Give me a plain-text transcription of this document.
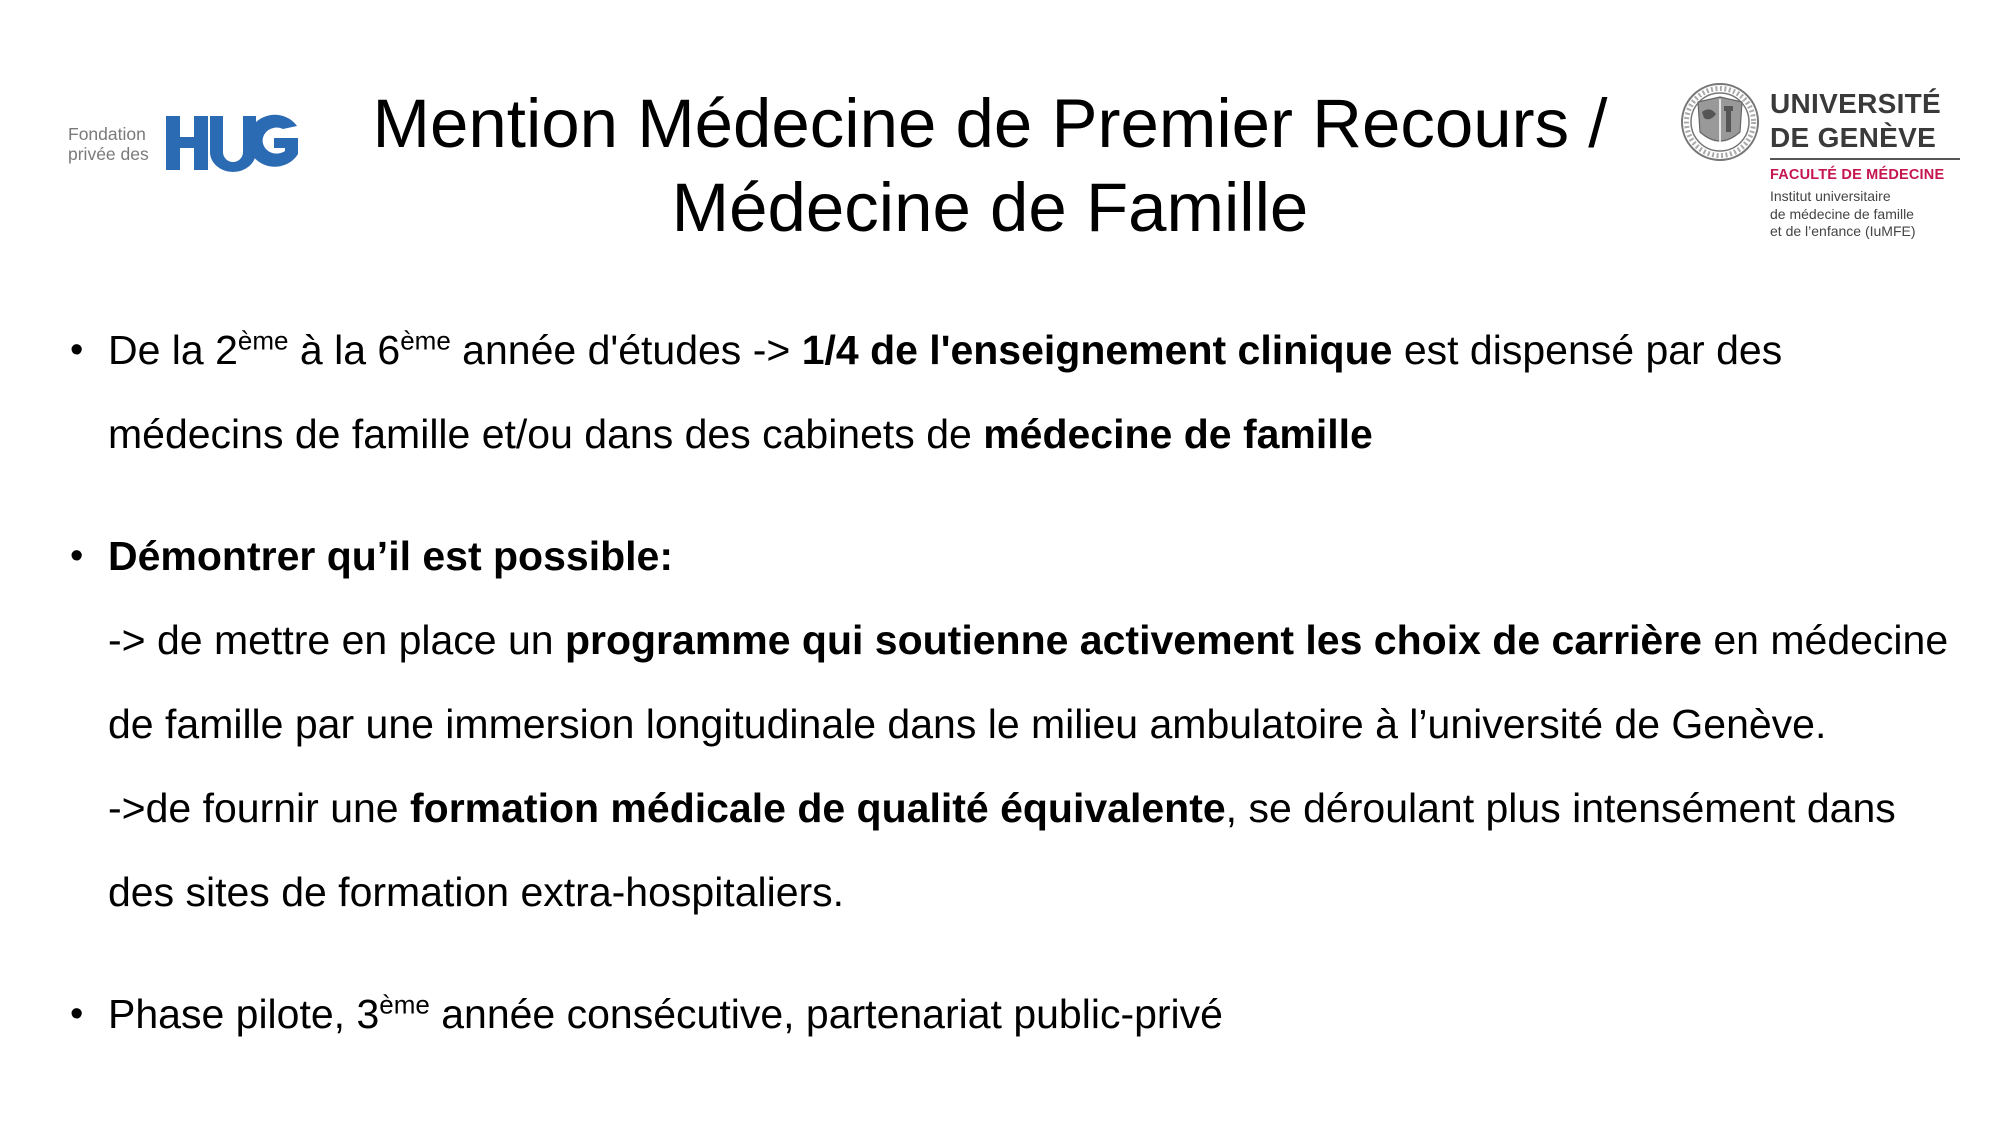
Fondation
privée des	Mention Médecine de Premier Recours /
Médecine de Famille
UNIVERSITÉ
DE GENÈVE
FACULTÉ DE MÉDECINE
Institut universitaire
de médecine de famille
et de l’enfance (IuMFE)
• De la 2ème à la 6ème année d'études -> 1/4 de l'enseignement clinique est dispensé par des
médecins de famille et/ou dans des cabinets de médecine de famille
• Démontrer qu’il est possible:
-> de mettre en place un programme qui soutienne activement les choix de carrière en médecine
de famille par une immersion longitudinale dans le milieu ambulatoire à l’université de Genève.
->de fournir une formation médicale de qualité équivalente, se déroulant plus intensément dans
des sites de formation extra-hospitaliers.
• Phase pilote, 3ème année consécutive, partenariat public-privé
